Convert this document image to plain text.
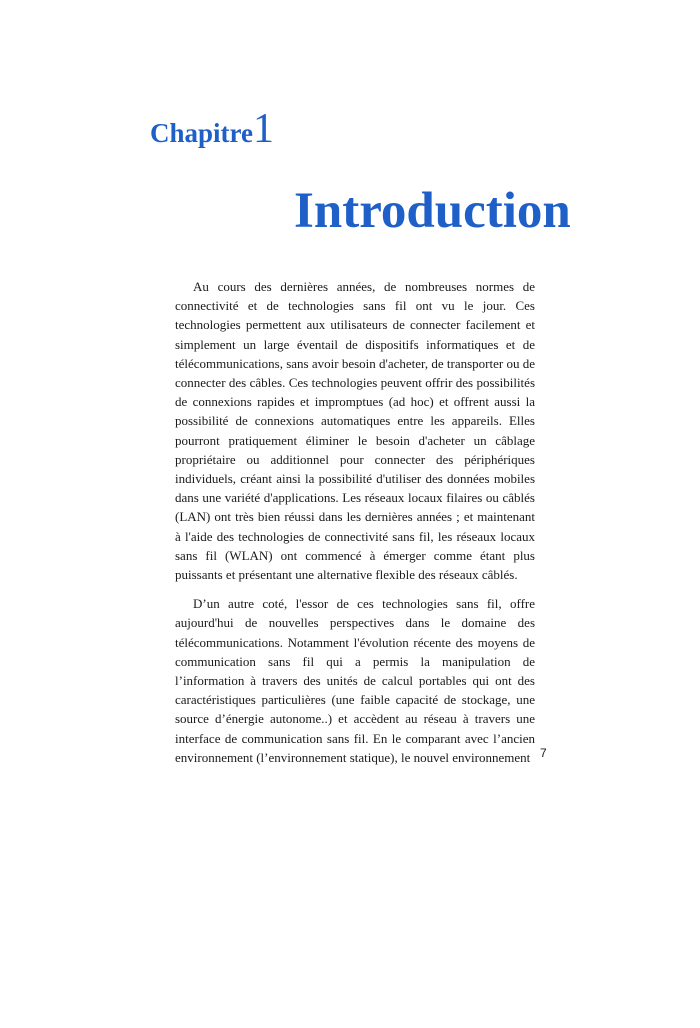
Chapitre1
Introduction

Au cours des dernières années, de nombreuses normes de connectivité et de technologies sans fil ont vu le jour. Ces technologies permettent aux utilisateurs de connecter facilement et simplement un large éventail de dispositifs informatiques et de télécommunications, sans avoir besoin d'acheter, de transporter ou de connecter des câbles. Ces technologies peuvent offrir des possibilités de connexions rapides et impromptues (ad hoc) et offrent aussi la possibilité de connexions automatiques entre les appareils. Elles pourront pratiquement éliminer le besoin d'acheter un câblage propriétaire ou additionnel pour connecter des périphériques individuels, créant ainsi la possibilité d'utiliser des données mobiles dans une variété d'applications. Les réseaux locaux filaires ou câblés (LAN) ont très bien réussi dans les dernières années ; et maintenant à l'aide des technologies de connectivité sans fil, les réseaux locaux sans fil (WLAN) ont commencé à émerger comme étant plus puissants et présentant une alternative flexible des réseaux câblés.

D’un autre coté, l'essor de ces technologies sans fil, offre aujourd'hui de nouvelles perspectives dans le domaine des télécommunications. Notamment l'évolution récente des moyens de communication sans fil qui a permis la manipulation de l’information à travers des unités de calcul portables qui ont des caractéristiques particulières (une faible capacité de stockage, une source d’énergie autonome..) et accèdent au réseau à travers une interface de communication sans fil. En le comparant avec l’ancien environnement (l’environnement statique), le nouvel environnement 7
